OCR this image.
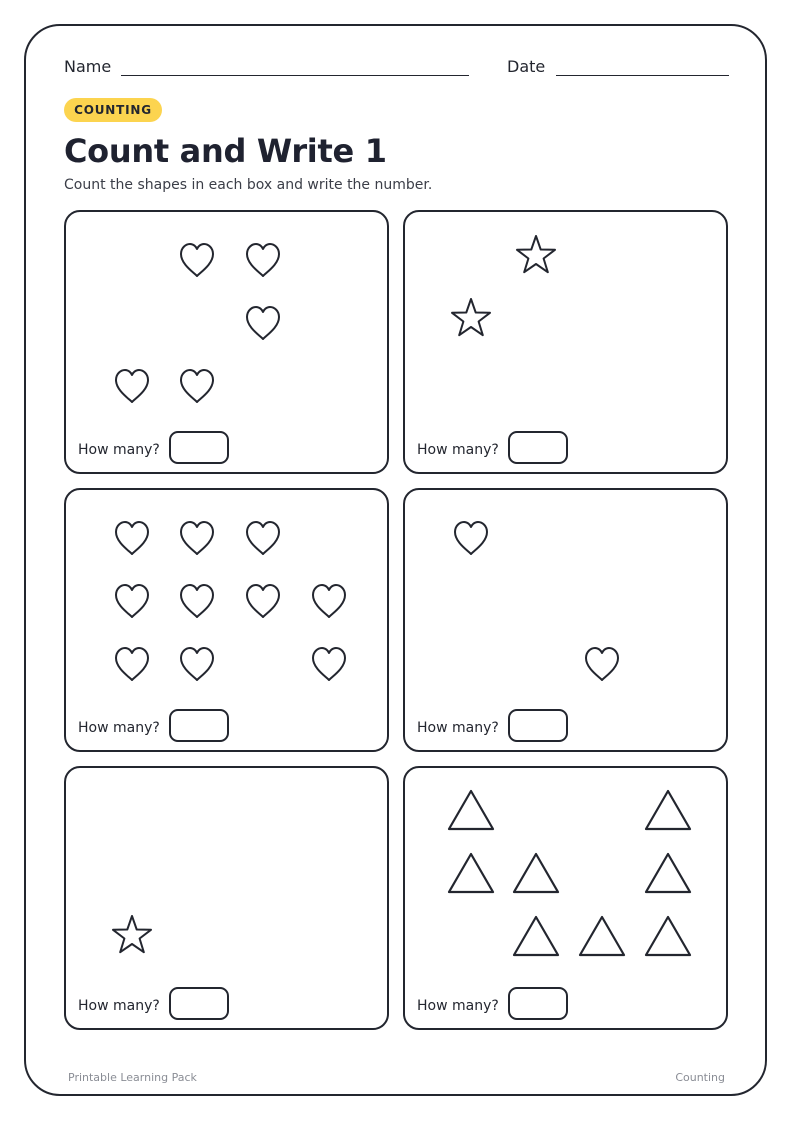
Name	Date
COUNTING
Count and Write 1

Count the shapes in each box and write the number.

How many?	How many?
How many?	How many?
How many?	How many?
Printable Learning Pack	Counting
